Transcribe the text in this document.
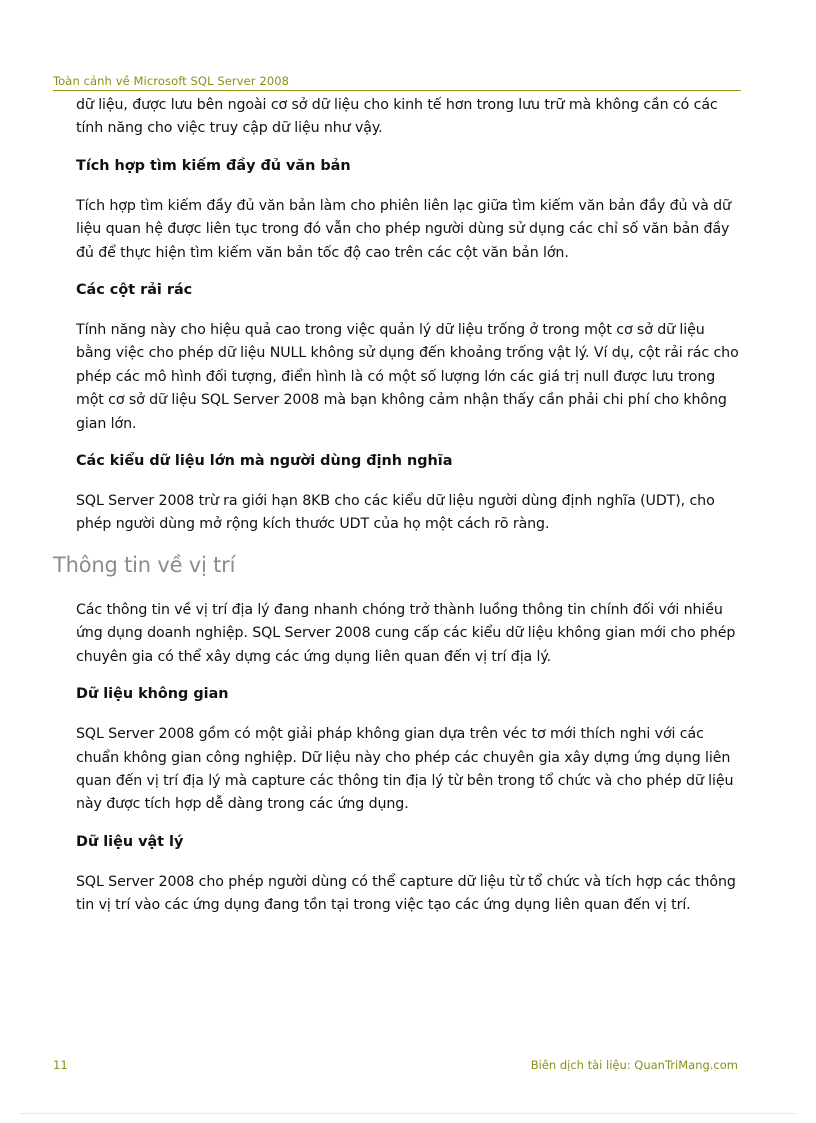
Toàn cảnh về Microsoft SQL Server 2008

dữ liệu, được lưu bên ngoài cơ sở dữ liệu cho kinh tế hơn trong lưu trữ mà không cần có các tính năng cho việc truy cập dữ liệu như vậy.

Tích hợp tìm kiếm đầy đủ văn bản

Tích hợp tìm kiếm đầy đủ văn bản làm cho phiên liên lạc giữa tìm kiếm văn bản đầy đủ và dữ liệu quan hệ được liên tục trong đó vẫn cho phép người dùng sử dụng các chỉ số văn bản đầy đủ để thực hiện tìm kiếm văn bản tốc độ cao trên các cột văn bản lớn.

Các cột rải rác

Tính năng này cho hiệu quả cao trong việc quản lý dữ liệu trống ở trong một cơ sở dữ liệu bằng việc cho phép dữ liệu NULL không sử dụng đến khoảng trống vật lý. Ví dụ, cột rải rác cho phép các mô hình đối tượng, điển hình là có một số lượng lớn các giá trị null được lưu trong một cơ sở dữ liệu SQL Server 2008 mà bạn không cảm nhận thấy cần phải chi phí cho không gian lớn.

Các kiểu dữ liệu lớn mà người dùng định nghĩa

SQL Server 2008 trừ ra giới hạn 8KB cho các kiểu dữ liệu người dùng định nghĩa (UDT), cho phép người dùng mở rộng kích thước UDT của họ một cách rõ ràng.

Thông tin về vị trí

Các thông tin về vị trí địa lý đang nhanh chóng trở thành luồng thông tin chính đối với nhiều ứng dụng doanh nghiệp. SQL Server 2008 cung cấp các kiểu dữ liệu không gian mới cho phép chuyên gia có thể xây dựng các ứng dụng liên quan đến vị trí địa lý.

Dữ liệu không gian

SQL Server 2008 gồm có một giải pháp không gian dựa trên véc tơ mới thích nghi với các chuẩn không gian công nghiệp. Dữ liệu này cho phép các chuyên gia xây dựng ứng dụng liên quan đến vị trí địa lý mà capture các thông tin địa lý từ bên trong tổ chức và cho phép dữ liệu này được tích hợp dễ dàng trong các ứng dụng.

Dữ liệu vật lý

SQL Server 2008 cho phép người dùng có thể capture dữ liệu từ tổ chức và tích hợp các thông tin vị trí vào các ứng dụng đang tồn tại trong việc tạo các ứng dụng liên quan đến vị trí.

11	Biên dịch tài liệu: QuanTriMang.com
